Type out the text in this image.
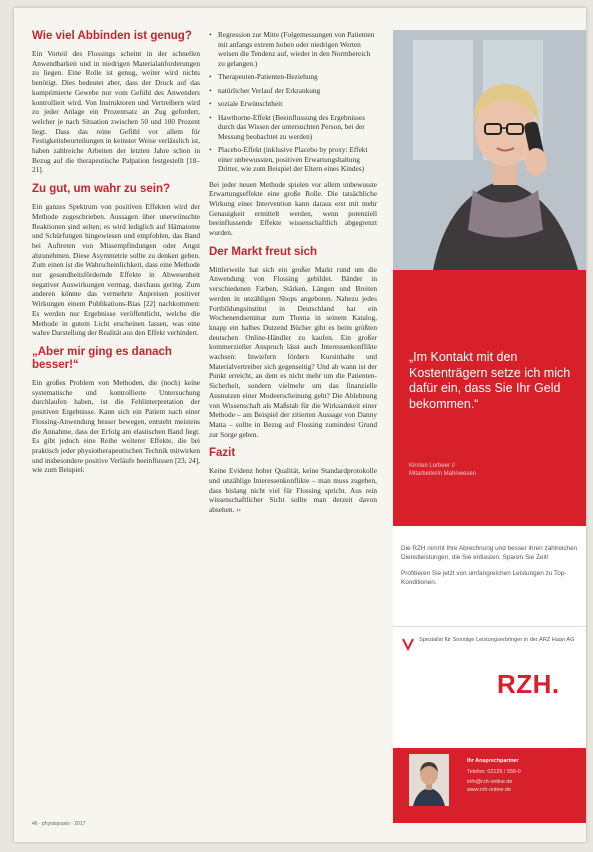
Wie viel Abbinden ist genug?

Ein Vorteil des Flossings scheint in der schnellen Anwendbarkeit und in niedrigen Materialanforderungen zu liegen. Eine Rolle ist genug, weiter wird nichts benötigt. Dies bedeutet aber, dass der Druck auf das komprimierte Gewebe nur vom Gefühl des Anwenders kontrolliert wird. Von Instruktoren und Vertreibern wird zu jeder Anlage ein Prozentsatz an Zug gefordert, welcher je nach Situation zwischen 50 und 100 Prozent liegt. Dass das reine Gefühl vor allem für Festigkeitsbeurteilungen in keinster Weise verlässlich ist, haben zahlreiche Arbeiten der letzten Jahre schon in Bezug auf die therapeutische Palpation festgestellt [18–21].

Zu gut, um wahr zu sein?

Ein ganzes Spektrum von positiven Effekten wird der Methode zugeschrieben. Aussagen über unerwünschte Reaktionen sind selten; es wird lediglich auf Hämatome und Schürfungen hingewiesen und empfohlen, das Band bei Auftreten von Missempfindungen oder Angst abzunehmen. Diese Asymmetrie sollte zu denken geben. Zum einen ist die Wahrscheinlichkeit, dass eine Methode nur gesundheitsfördernde Effekte in Abwesenheit negativer Auswirkungen vermag, durchaus gering. Zum anderen könnte das vermehrte Anpreisen positiver Wirkungen einem Publikations-Bias [22] nachkommen: Es werden nur Ergebnisse veröffentlicht, welche die Methode in gutem Licht erscheinen lassen, was eine wahre Darstellung der Realität aus den Effekt verhindert.

„Aber mir ging es danach besser!“

Ein großes Problem von Methoden, die (noch) keine systematische und kontrollierte Untersuchung durchlaufen haben, ist die Fehlinterpretation der positiven Ergebnisse. Kann sich ein Patient nach einer Flossing-Anwendung besser bewegen, entsteht meistens die Annahme, dass der Erfolg am elastischen Band liegt. Es gibt jedoch eine Reihe weiterer Effekte, die bei praktisch jeder physiotherapeutischen Technik mitwirken und insbesondere positive Verläufe beeinflussen [23, 24], wie zum Beispiel:

• Regression zur Mitte (Folgemessungen von Patienten mit anfangs extrem hohen oder niedrigen Werten weisen die Tendenz auf, wieder in den Normbereich zu gelangen.)
• Therapeuten-Patienten-Beziehung
• natürlicher Verlauf der Erkrankung
• soziale Erwünschtheit
• Hawthorne-Effekt (Beeinflussung des Ergebnisses durch das Wissen der untersuchten Person, bei der Messung beobachtet zu werden)
• Placebo-Effekt (inklusive Placebo by proxy: Effekt einer unbewussten, positiven Erwartungshaltung Dritter, wie zum Beispiel der Eltern eines Kindes)

Bei jeder neuen Methode spielen vor allem unbewusste Erwartungseffekte eine große Rolle. Die tatsächliche Wirkung einer Intervention kann daraus erst mit mehr Genauigkeit ermittelt werden, wenn potenziell beeinflussende Effekte wissenschaftlich abgegrenzt wurden.

Der Markt freut sich

Mittlerweile hat sich ein großer Markt rund um die Anwendung von Flossing gebildet. Bänder in verschiedenen Farben, Stärken, Längen und Breiten werden in unzähligen Shops angeboten. Nahezu jedes Fortbildungsinstitut in Deutschland hat ein Wochenendseminar zum Thema in seinem Katalog, knapp ein halbes Dutzend Bücher gibt es beim größten deutschen Online-Händler zu kaufen. Ein großer kommerzieller Anspruch lässt auch Interessenkonflikte wachsen: Inwiefern fördern Kursinhalte und Materialvertreiber sich gegenseitig? Und ab wann ist der Punkt erreicht, an dem es nicht mehr um die Patienten-Sicherheit, sondern vielmehr um das finanzielle Ausnutzen einer Modeerscheinung geht? Die Ablehnung von Wissenschaft als Maßstab für die Wirksamkeit einer Methode – am Beispiel der zitierten Aussage von Danny Matta – sollte in Bezug auf Flossing zumindest Grund zur Sorge geben.

Fazit

Keine Evidenz hoher Qualität, keine Standardprotokolle und unzählige Interessenkonflikte – man muss zugeben, dass bislang nicht viel für Flossing spricht. Aus rein wissenschaftlicher Sicht sollte man derzeit davon absehen. ››

46 · physiopraxis · 2017
„Im Kontakt mit den Kostenträgern setze ich mich dafür ein, dass Sie Ihr Geld bekommen.“
Kirsten Lorbeer //
Mitarbeiterin Mahnwesen
Die RZH nimmt Ihre Abrechnung und besser ihren zahlreichen Dienstleistungen, die Sie entlasten. Sparen Sie Zeit!
Profitieren Sie jetzt von umfangreichen Leistungen zu Top-Konditionen.
Spezialist für Sonstige Leistungserbringer in der ARZ Haan AG
RZH.
Ihr Ansprechpartner
Telefon: 02129 / 556-0
info@rzh-online.de
www.rzh-online.de
